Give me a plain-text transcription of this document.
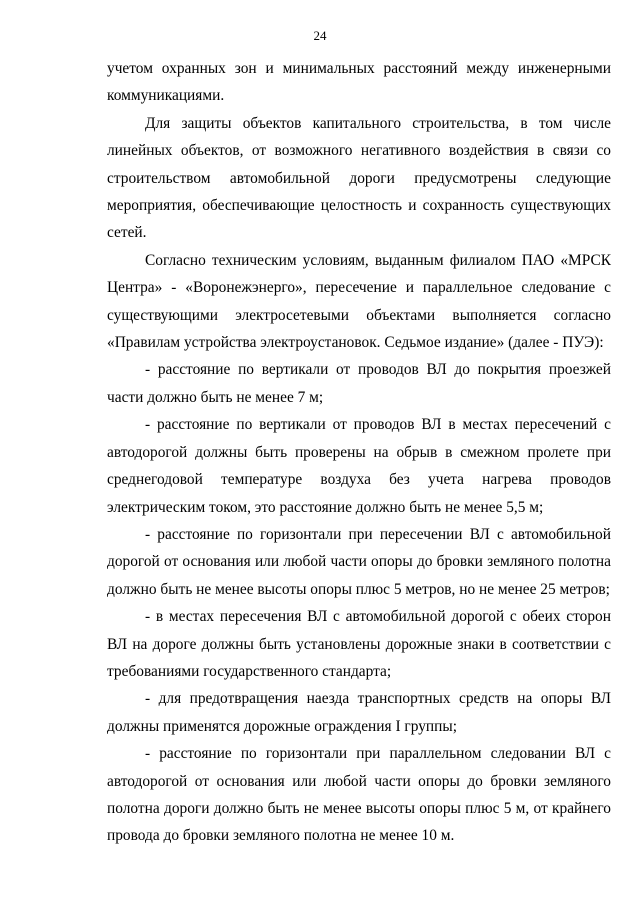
24

учетом охранных зон и минимальных расстояний между инженерными коммуникациями.

Для защиты объектов капитального строительства, в том числе линейных объектов, от возможного негативного воздействия в связи со строительством автомобильной дороги предусмотрены следующие мероприятия, обеспечивающие целостность и сохранность существующих сетей.

Согласно техническим условиям, выданным филиалом ПАО «МРСК Центра» - «Воронежэнерго», пересечение и параллельное следование с существующими электросетевыми объектами выполняется согласно «Правилам устройства электроустановок. Седьмое издание» (далее - ПУЭ):

- расстояние по вертикали от проводов ВЛ до покрытия проезжей части должно быть не менее 7 м;

- расстояние по вертикали от проводов ВЛ в местах пересечений с автодорогой должны быть проверены на обрыв в смежном пролете при среднегодовой температуре воздуха без учета нагрева проводов электрическим током, это расстояние должно быть не менее 5,5 м;

- расстояние по горизонтали при пересечении ВЛ с автомобильной дорогой от основания или любой части опоры до бровки земляного полотна должно быть не менее высоты опоры плюс 5 метров, но не менее 25 метров;

- в местах пересечения ВЛ с автомобильной дорогой с обеих сторон ВЛ на дороге должны быть установлены дорожные знаки в соответствии с требованиями государственного стандарта;

- для предотвращения наезда транспортных средств на опоры ВЛ должны применятся дорожные ограждения I группы;

- расстояние по горизонтали при параллельном следовании ВЛ с автодорогой от основания или любой части опоры до бровки земляного полотна дороги должно быть не менее высоты опоры плюс 5 м, от крайнего провода до бровки земляного полотна не менее 10 м.
